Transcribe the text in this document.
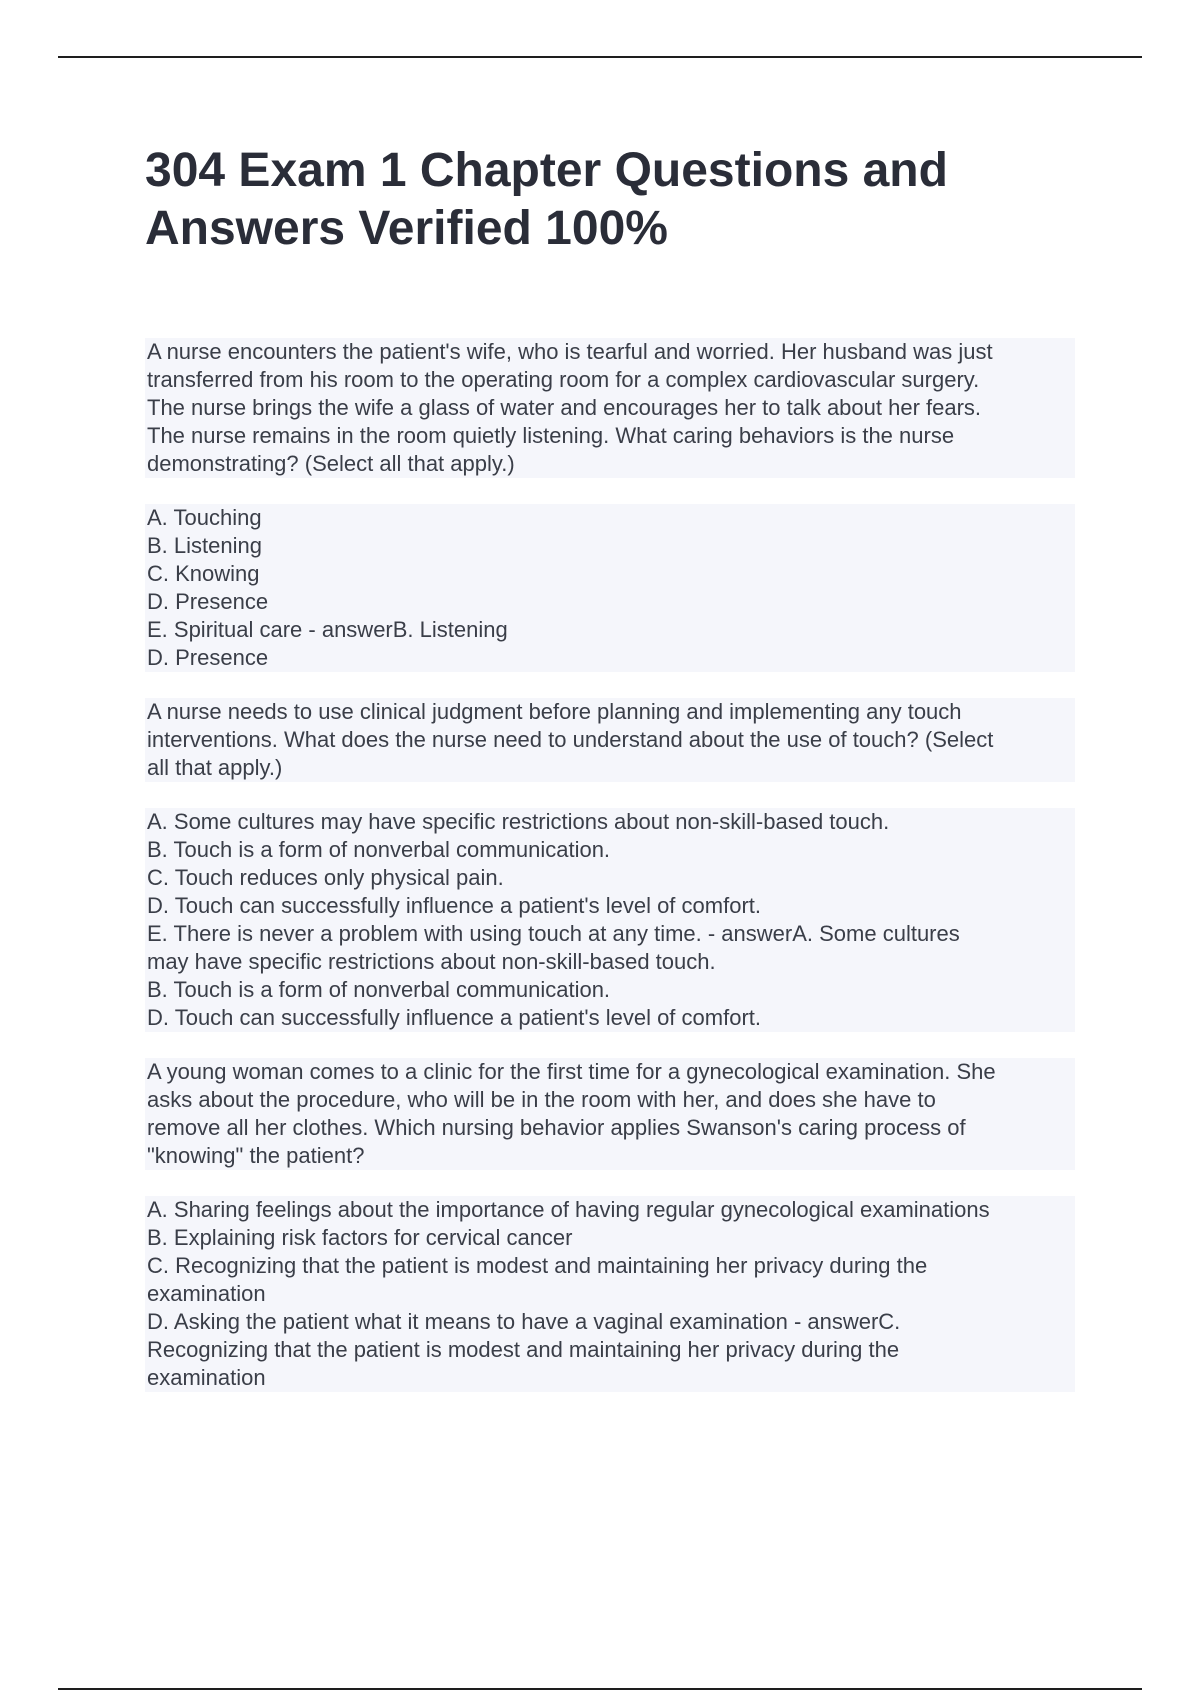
304 Exam 1 Chapter Questions and
Answers Verified 100%

A nurse encounters the patient's wife, who is tearful and worried. Her husband was just
transferred from his room to the operating room for a complex cardiovascular surgery.
The nurse brings the wife a glass of water and encourages her to talk about her fears.
The nurse remains in the room quietly listening. What caring behaviors is the nurse
demonstrating? (Select all that apply.)

A. Touching
B. Listening
C. Knowing
D. Presence
E. Spiritual care - answerB. Listening
D. Presence

A nurse needs to use clinical judgment before planning and implementing any touch
interventions. What does the nurse need to understand about the use of touch? (Select
all that apply.)

A. Some cultures may have specific restrictions about non-skill-based touch.
B. Touch is a form of nonverbal communication.
C. Touch reduces only physical pain.
D. Touch can successfully influence a patient's level of comfort.
E. There is never a problem with using touch at any time. - answerA. Some cultures
may have specific restrictions about non-skill-based touch.
B. Touch is a form of nonverbal communication.
D. Touch can successfully influence a patient's level of comfort.

A young woman comes to a clinic for the first time for a gynecological examination. She
asks about the procedure, who will be in the room with her, and does she have to
remove all her clothes. Which nursing behavior applies Swanson's caring process of
"knowing" the patient?

A. Sharing feelings about the importance of having regular gynecological examinations
B. Explaining risk factors for cervical cancer
C. Recognizing that the patient is modest and maintaining her privacy during the
examination
D. Asking the patient what it means to have a vaginal examination - answerC.
Recognizing that the patient is modest and maintaining her privacy during the
examination
